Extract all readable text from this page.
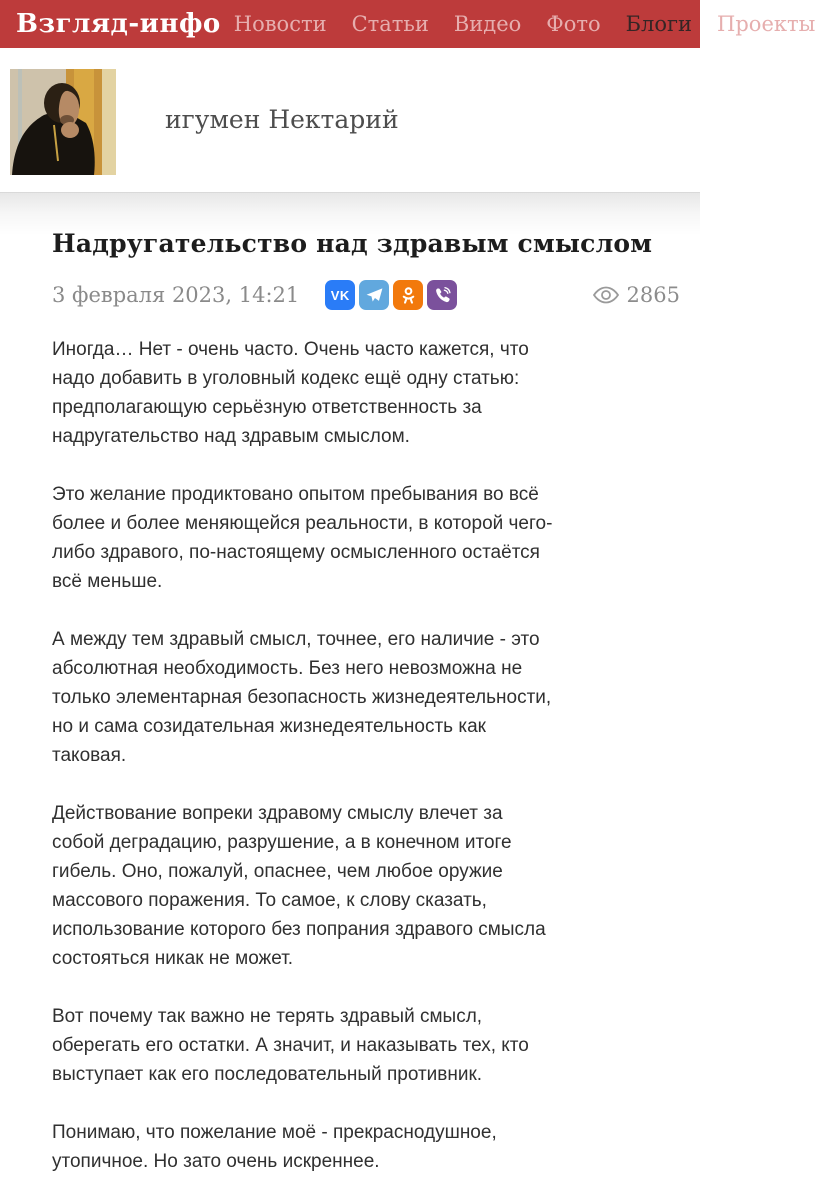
Взгляд-инфо Новости Статьи Видео Фото Блоги Проекты
игумен Нектарий
Надругательство над здравым смыслом
3 февраля 2023, 14:21 VK	2865

Иногда… Нет - очень часто. Очень часто кажется, что надо добавить в уголовный кодекс ещё одну статью: предполагающую серьёзную ответственность за надругательство над здравым смыслом.

Это желание продиктовано опытом пребывания во всё более и более меняющейся реальности, в которой чего-либо здравого, по-настоящему осмысленного остаётся всё меньше.

А между тем здравый смысл, точнее, его наличие - это абсолютная необходимость. Без него невозможна не только элементарная безопасность жизнедеятельности, но и сама созидательная жизнедеятельность как таковая.

Действование вопреки здравому смыслу влечет за собой деградацию, разрушение, а в конечном итоге гибель. Оно, пожалуй, опаснее, чем любое оружие массового поражения. То самое, к слову сказать, использование которого без попрания здравого смысла состояться никак не может.

Вот почему так важно не терять здравый смысл, оберегать его остатки. А значит, и наказывать тех, кто выступает как его последовательный противник.

Понимаю, что пожелание моё - прекраснодушное, утопичное. Но зато очень искреннее.
